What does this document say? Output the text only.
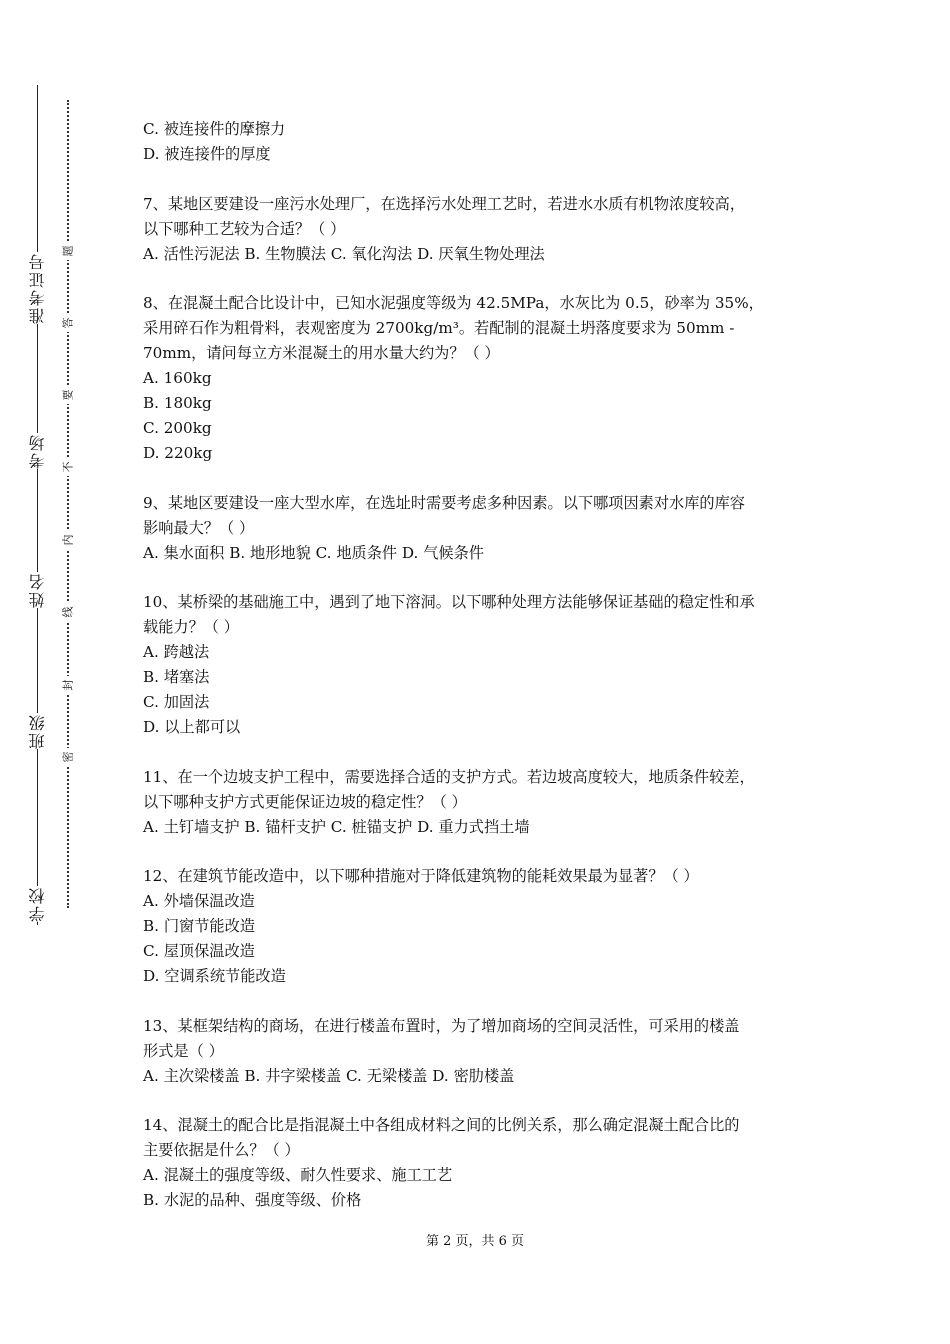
准考证号
考场
姓名
班级
学校
题
答
要
不
内
线
封
密
C. 被连接件的摩擦力
D. 被连接件的厚度
7、某地区要建设一座污水处理厂，在选择污水处理工艺时，若进水水质有机物浓度较高，
以下哪种工艺较为合适？（ ）
A. 活性污泥法 B. 生物膜法 C. 氧化沟法 D. 厌氧生物处理法
8、在混凝土配合比设计中，已知水泥强度等级为 42.5MPa，水灰比为 0.5，砂率为 35%，
采用碎石作为粗骨料，表观密度为 2700kg/m³。若配制的混凝土坍落度要求为 50mm -
70mm，请问每立方米混凝土的用水量大约为？（ ）
A. 160kg
B. 180kg
C. 200kg
D. 220kg
9、某地区要建设一座大型水库，在选址时需要考虑多种因素。以下哪项因素对水库的库容
影响最大？（ ）
A. 集水面积 B. 地形地貌 C. 地质条件 D. 气候条件
10、某桥梁的基础施工中，遇到了地下溶洞。以下哪种处理方法能够保证基础的稳定性和承
载能力？（ ）
A. 跨越法
B. 堵塞法
C. 加固法
D. 以上都可以
11、在一个边坡支护工程中，需要选择合适的支护方式。若边坡高度较大，地质条件较差，
以下哪种支护方式更能保证边坡的稳定性？（ ）
A. 土钉墙支护 B. 锚杆支护 C. 桩锚支护 D. 重力式挡土墙
12、在建筑节能改造中，以下哪种措施对于降低建筑物的能耗效果最为显著？（ ）
A. 外墙保温改造
B. 门窗节能改造
C. 屋顶保温改造
D. 空调系统节能改造
13、某框架结构的商场，在进行楼盖布置时，为了增加商场的空间灵活性，可采用的楼盖
形式是（ ）
A. 主次梁楼盖 B. 井字梁楼盖 C. 无梁楼盖 D. 密肋楼盖
14、混凝土的配合比是指混凝土中各组成材料之间的比例关系，那么确定混凝土配合比的
主要依据是什么？（ ）
A. 混凝土的强度等级、耐久性要求、施工工艺
B. 水泥的品种、强度等级、价格
第 2 页，共 6 页
